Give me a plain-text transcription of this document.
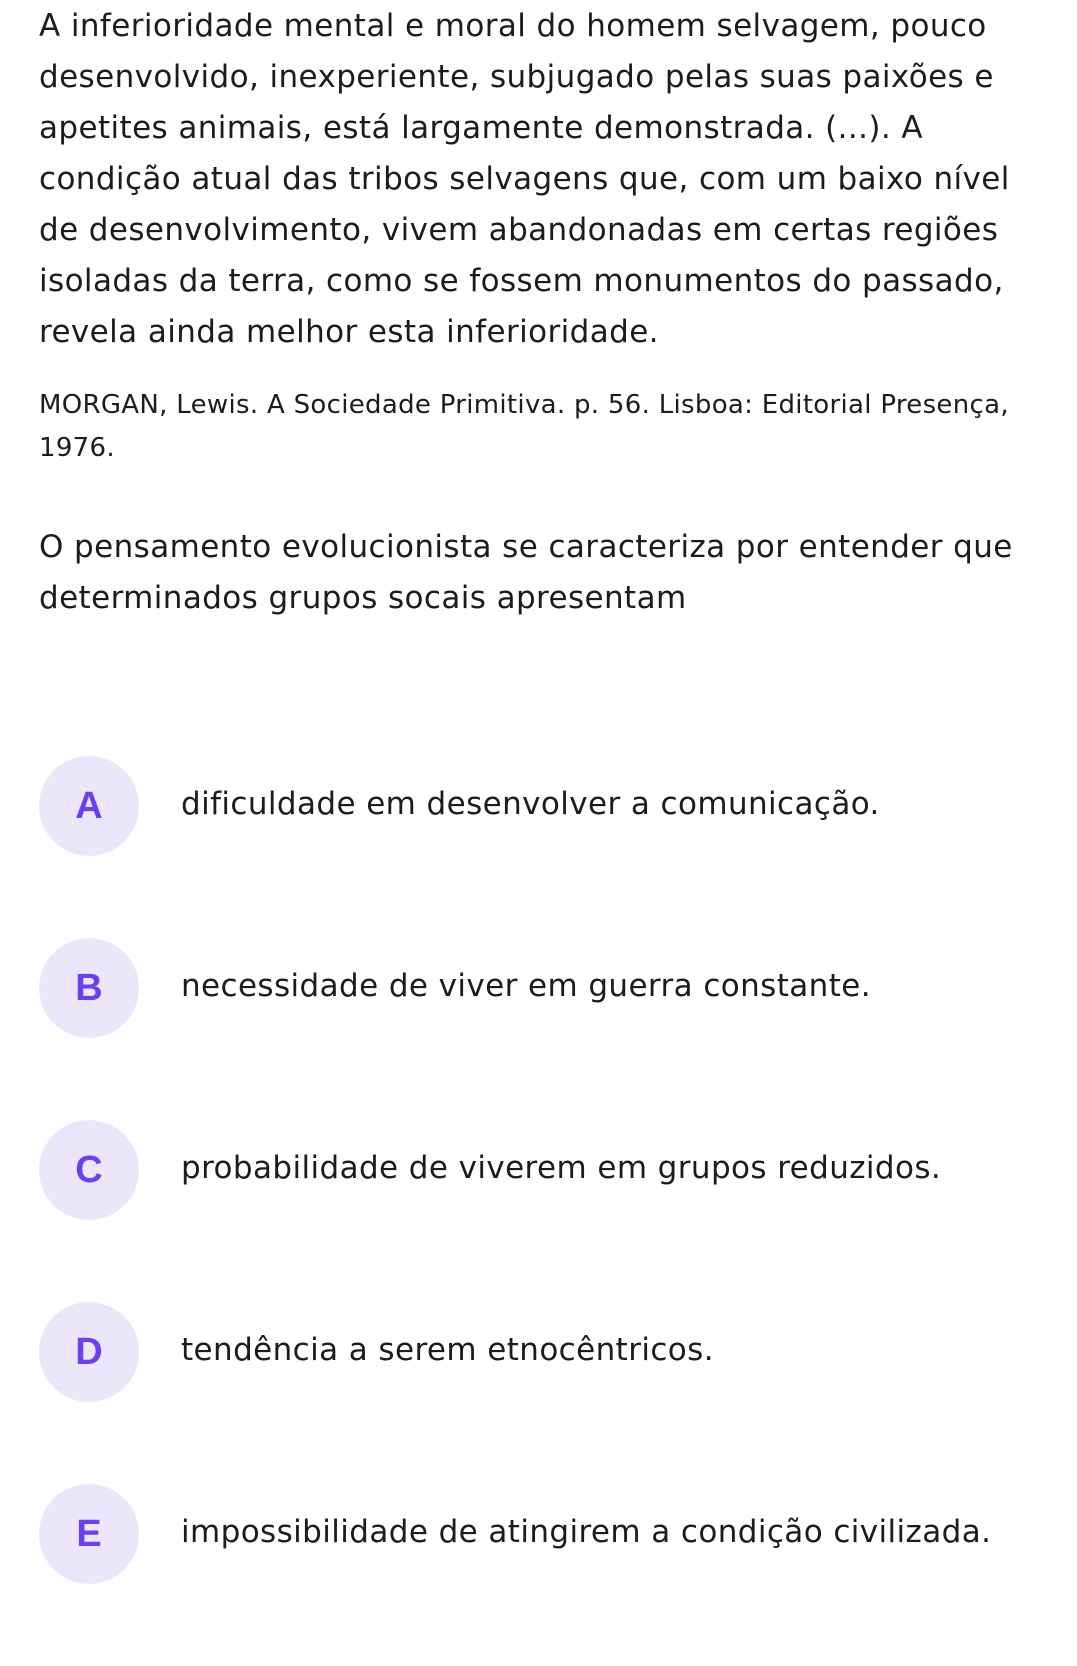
A inferioridade mental e moral do homem selvagem, pouco desenvolvido, inexperiente, subjugado pelas suas paixões e apetites animais, está largamente demonstrada. (...). A condição atual das tribos selvagens que, com um baixo nível de desenvolvimento, vivem abandonadas em certas regiões isoladas da terra, como se fossem monumentos do passado, revela ainda melhor esta inferioridade.

MORGAN, Lewis. A Sociedade Primitiva. p. 56. Lisboa: Editorial Presença, 1976.

O pensamento evolucionista se caracteriza por entender que determinados grupos socais apresentam

A	dificuldade em desenvolver a comunicação.
B	necessidade de viver em guerra constante.
C	probabilidade de viverem em grupos reduzidos.
D	tendência a serem etnocêntricos.
E	impossibilidade de atingirem a condição civilizada.
